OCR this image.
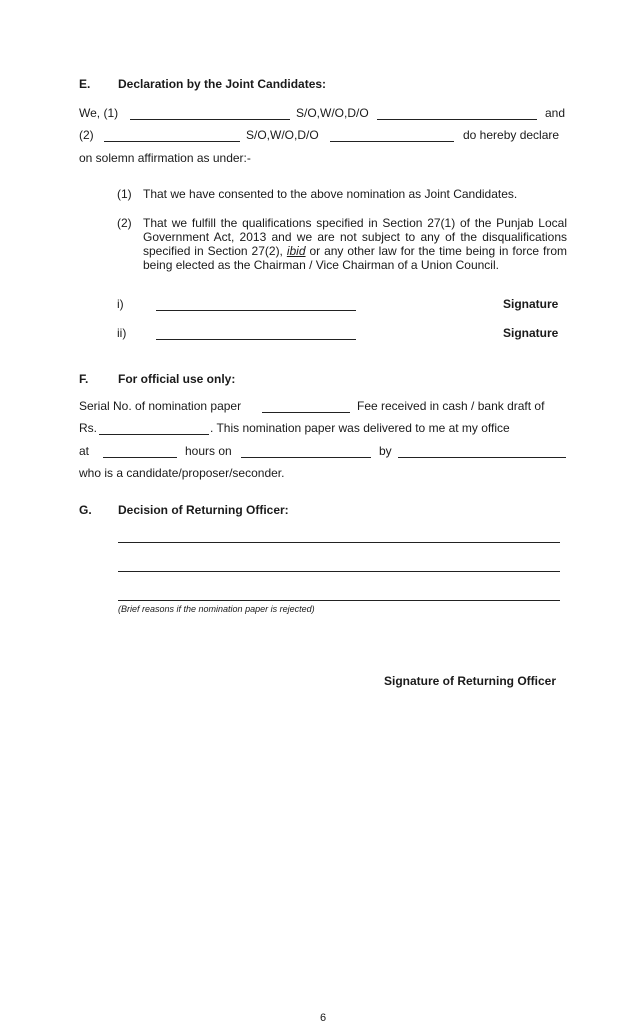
E. Declaration by the Joint Candidates:
We, (1)	S/O,W/O,D/O	and
(2)	S/O,W/O,D/O	do hereby declare
on solemn affirmation as under:-
(1) That we have consented to the above nomination as Joint Candidates.
(2) That we fulfill the qualifications specified in Section 27(1) of the Punjab Local Government Act, 2013 and we are not subject to any of the disqualifications specified in Section 27(2), ibid or any other law for the time being in force from being elected as the Chairman / Vice Chairman of a Union Council.
i)	Signature
ii)	Signature
F. For official use only:
Serial No. of nomination paper	Fee received in cash / bank draft of
Rs.	. This nomination paper was delivered to me at my office
at	hours on	by
who is a candidate/proposer/seconder.
G. Decision of Returning Officer:
(Brief reasons if the nomination paper is rejected)
Signature of Returning Officer
6
